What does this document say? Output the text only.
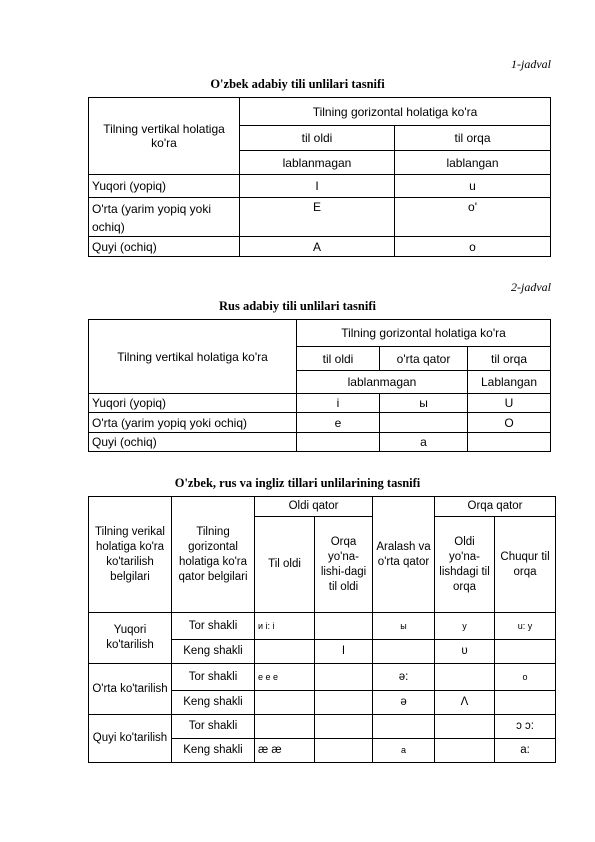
1-jadval
O'zbek adabiy tili unlilari tasnifi
Tilning vertikal holatiga ko'ra	Tilning gorizontal holatiga ko'ra	
	til oldi	til orqa
	lablanmagan	lablangan
Yuqori (yopiq)	I	u
O'rta (yarim yopiq yoki ochiq)	E	o'
Quyi (ochiq)	A	o
2-jadval
Rus adabiy tili unlilari tasnifi
Tilning vertikal holatiga ko'ra	Tilning gorizontal holatiga ko'ra		
	til oldi	o'rta qator	til orqa
	lablanmagan		Lablangan
Yuqori (yopiq)	i	ы	U
O'rta (yarim yopiq yoki ochiq)	e		O
Quyi (ochiq)		a	
O'zbek, rus va ingliz tillari unlilarining tasnifi
Tilning verikal holatiga ko'ra ko'tarilish belgilari	Tilning gorizontal holatiga ko'ra qator belgilari	Oldi qator		Aralash va o'rta qator	Orqa qator	
		Til oldi	Orqa yo'na-lishi-dagi til oldi		Oldi yo'na-lishdagi til orqa	Chuqur til orqa
Yuqori ko'tarilish	Tor shakli	и i: i		ы	у	u: у
	Keng shakli		I		υ	
O'rta ko'tarilish	Tor shakli	e e e		ə:		o
	Keng shakli			ə	Λ	
Quyi ko'tarilish	Tor shakli					ɔ ɔ:
	Keng shakli	æ æ		a		a:
